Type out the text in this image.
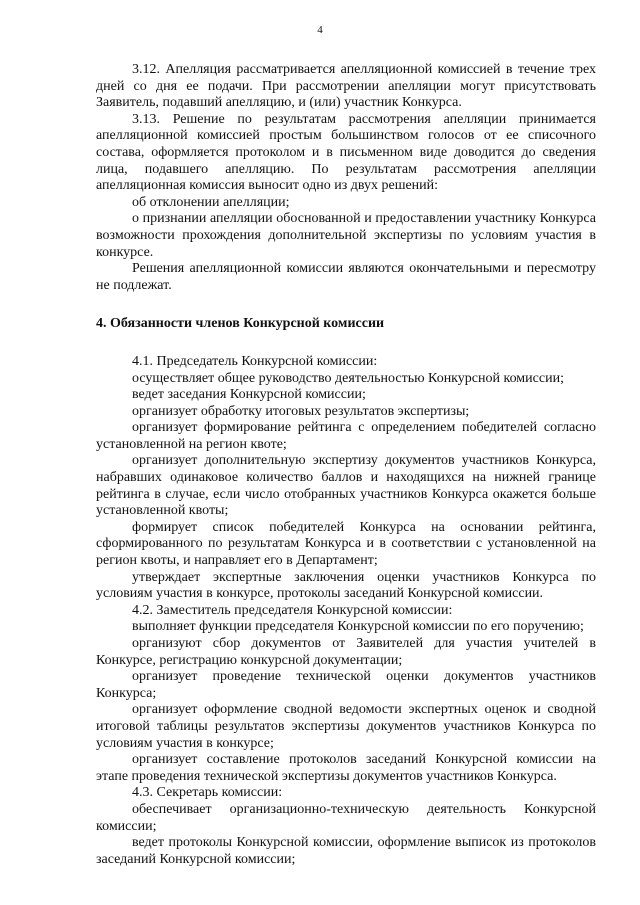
4

3.12. Апелляция рассматривается апелляционной комиссией в течение трех дней со дня ее подачи. При рассмотрении апелляции могут присутствовать Заявитель, подавший апелляцию, и (или) участник Конкурса.

3.13. Решение по результатам рассмотрения апелляции принимается апелляционной комиссией простым большинством голосов от ее списочного состава, оформляется протоколом и в письменном виде доводится до сведения лица, подавшего апелляцию. По результатам рассмотрения апелляции апелляционная комиссия выносит одно из двух решений:

об отклонении апелляции;

о признании апелляции обоснованной и предоставлении участнику Конкурса возможности прохождения дополнительной экспертизы по условиям участия в конкурсе.

Решения апелляционной комиссии являются окончательными и пересмотру не подлежат.

4. Обязанности членов Конкурсной комиссии

4.1. Председатель Конкурсной комиссии:

осуществляет общее руководство деятельностью Конкурсной комиссии;

ведет заседания Конкурсной комиссии;

организует обработку итоговых результатов экспертизы;

организует формирование рейтинга с определением победителей согласно установленной на регион квоте;

организует дополнительную экспертизу документов участников Конкурса, набравших одинаковое количество баллов и находящихся на нижней границе рейтинга в случае, если число отобранных участников Конкурса окажется больше установленной квоты;

формирует список победителей Конкурса на основании рейтинга, сформированного по результатам Конкурса и в соответствии с установленной на регион квоты, и направляет его в Департамент;

утверждает экспертные заключения оценки участников Конкурса по условиям участия в конкурсе, протоколы заседаний Конкурсной комиссии.

4.2. Заместитель председателя Конкурсной комиссии:

выполняет функции председателя Конкурсной комиссии по его поручению;

организуют сбор документов от Заявителей для участия учителей в Конкурсе, регистрацию конкурсной документации;

организует проведение технической оценки документов участников Конкурса;

организует оформление сводной ведомости экспертных оценок и сводной итоговой таблицы результатов экспертизы документов участников Конкурса по условиям участия в конкурсе;

организует составление протоколов заседаний Конкурсной комиссии на этапе проведения технической экспертизы документов участников Конкурса.

4.3. Секретарь комиссии:

обеспечивает организационно-техническую деятельность Конкурсной комиссии;

ведет протоколы Конкурсной комиссии, оформление выписок из протоколов заседаний Конкурсной комиссии;
